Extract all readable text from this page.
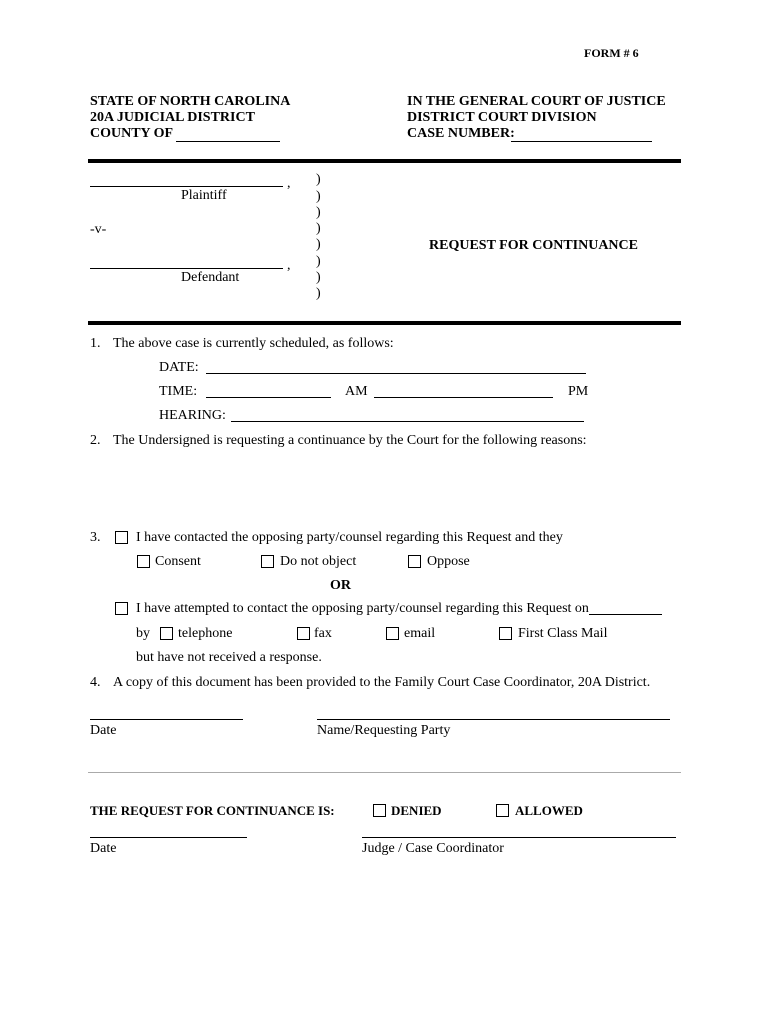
FORM # 6
STATE OF NORTH CAROLINA
20A JUDICIAL DISTRICT
COUNTY OF
IN THE GENERAL COURT OF JUSTICE
DISTRICT COURT DIVISION
CASE NUMBER:
,
Plaintiff
-v-
,
Defendant
)
)
)
)
)
)
)
)
REQUEST FOR CONTINUANCE
1. The above case is currently scheduled, as follows:
DATE:
TIME:	AM	PM
HEARING:
2. The Undersigned is requesting a continuance by the Court for the following reasons:
3.	I have contacted the opposing party/counsel regarding this Request and they
Consent	Do not object	Oppose
OR
I have attempted to contact the opposing party/counsel regarding this Request on
by telephone	fax	email	First Class Mail
but have not received a response.
4. A copy of this document has been provided to the Family Court Case Coordinator, 20A District.
Date	Name/Requesting Party
THE REQUEST FOR CONTINUANCE IS:	DENIED	ALLOWED
Date	Judge / Case Coordinator
